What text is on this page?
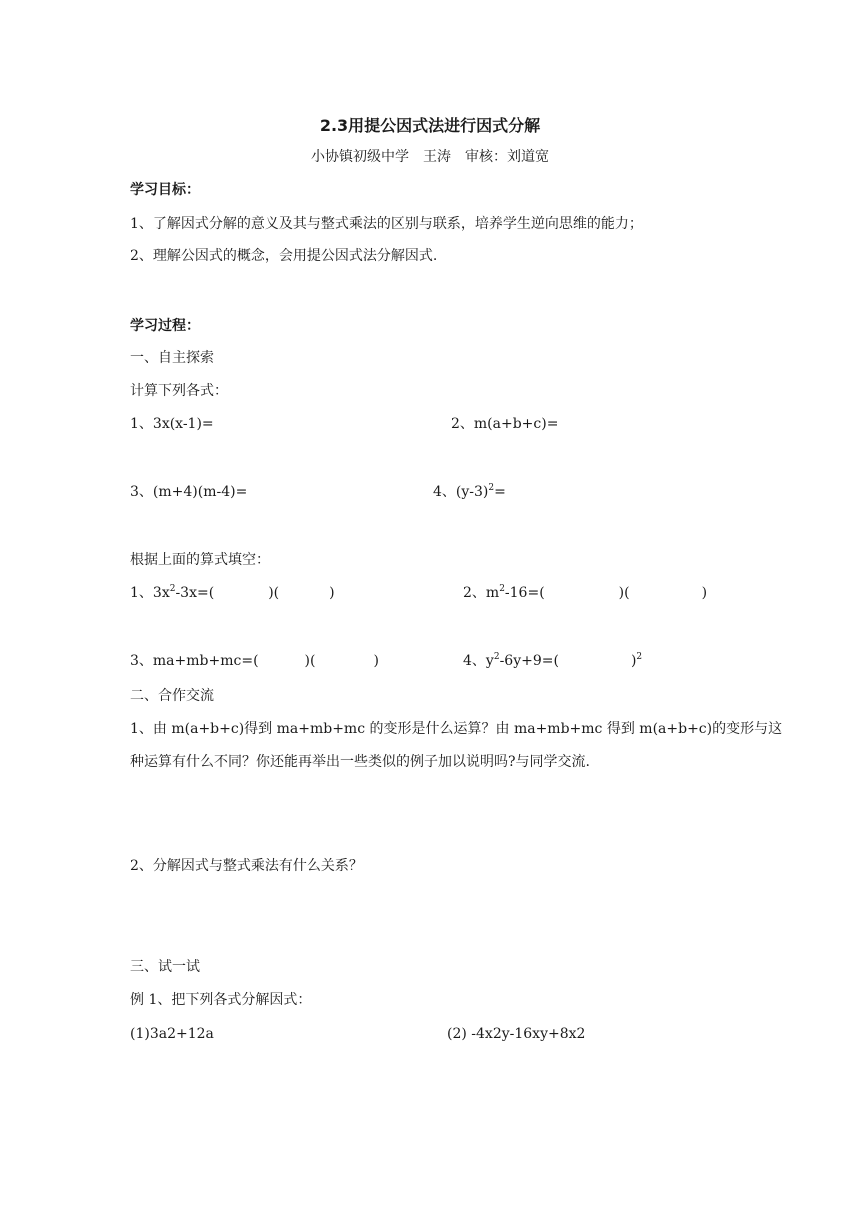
2.3用提公因式法进行因式分解
小协镇初级中学　王涛　审核：刘道宽
学习目标：
1、了解因式分解的意义及其与整式乘法的区别与联系，培养学生逆向思维的能力；
2、理解公因式的概念，会用提公因式法分解因式.
学习过程：
一、自主探索
计算下列各式：
1、3x(x-1)=	2、m(a+b+c)=
3、(m+4)(m-4)=	4、$(y-3)^2=$
根据上面的算式填空：
1、$3x^2-3x=$(	)(	)	2、$m^2-16=$(	)(	)
3、ma+mb+mc=(	)(	)	4、$y^2-6y+9=$(	)$^2$
二、合作交流
1、由 m(a+b+c)得到 ma+mb+mc 的变形是什么运算？由 ma+mb+mc 得到 m(a+b+c)的变形与这
种运算有什么不同？你还能再举出一些类似的例子加以说明吗?与同学交流.
2、分解因式与整式乘法有什么关系？
三、试一试
例 1、把下列各式分解因式：
(1)3a2+12a	(2) -4x2y-16xy+8x2
